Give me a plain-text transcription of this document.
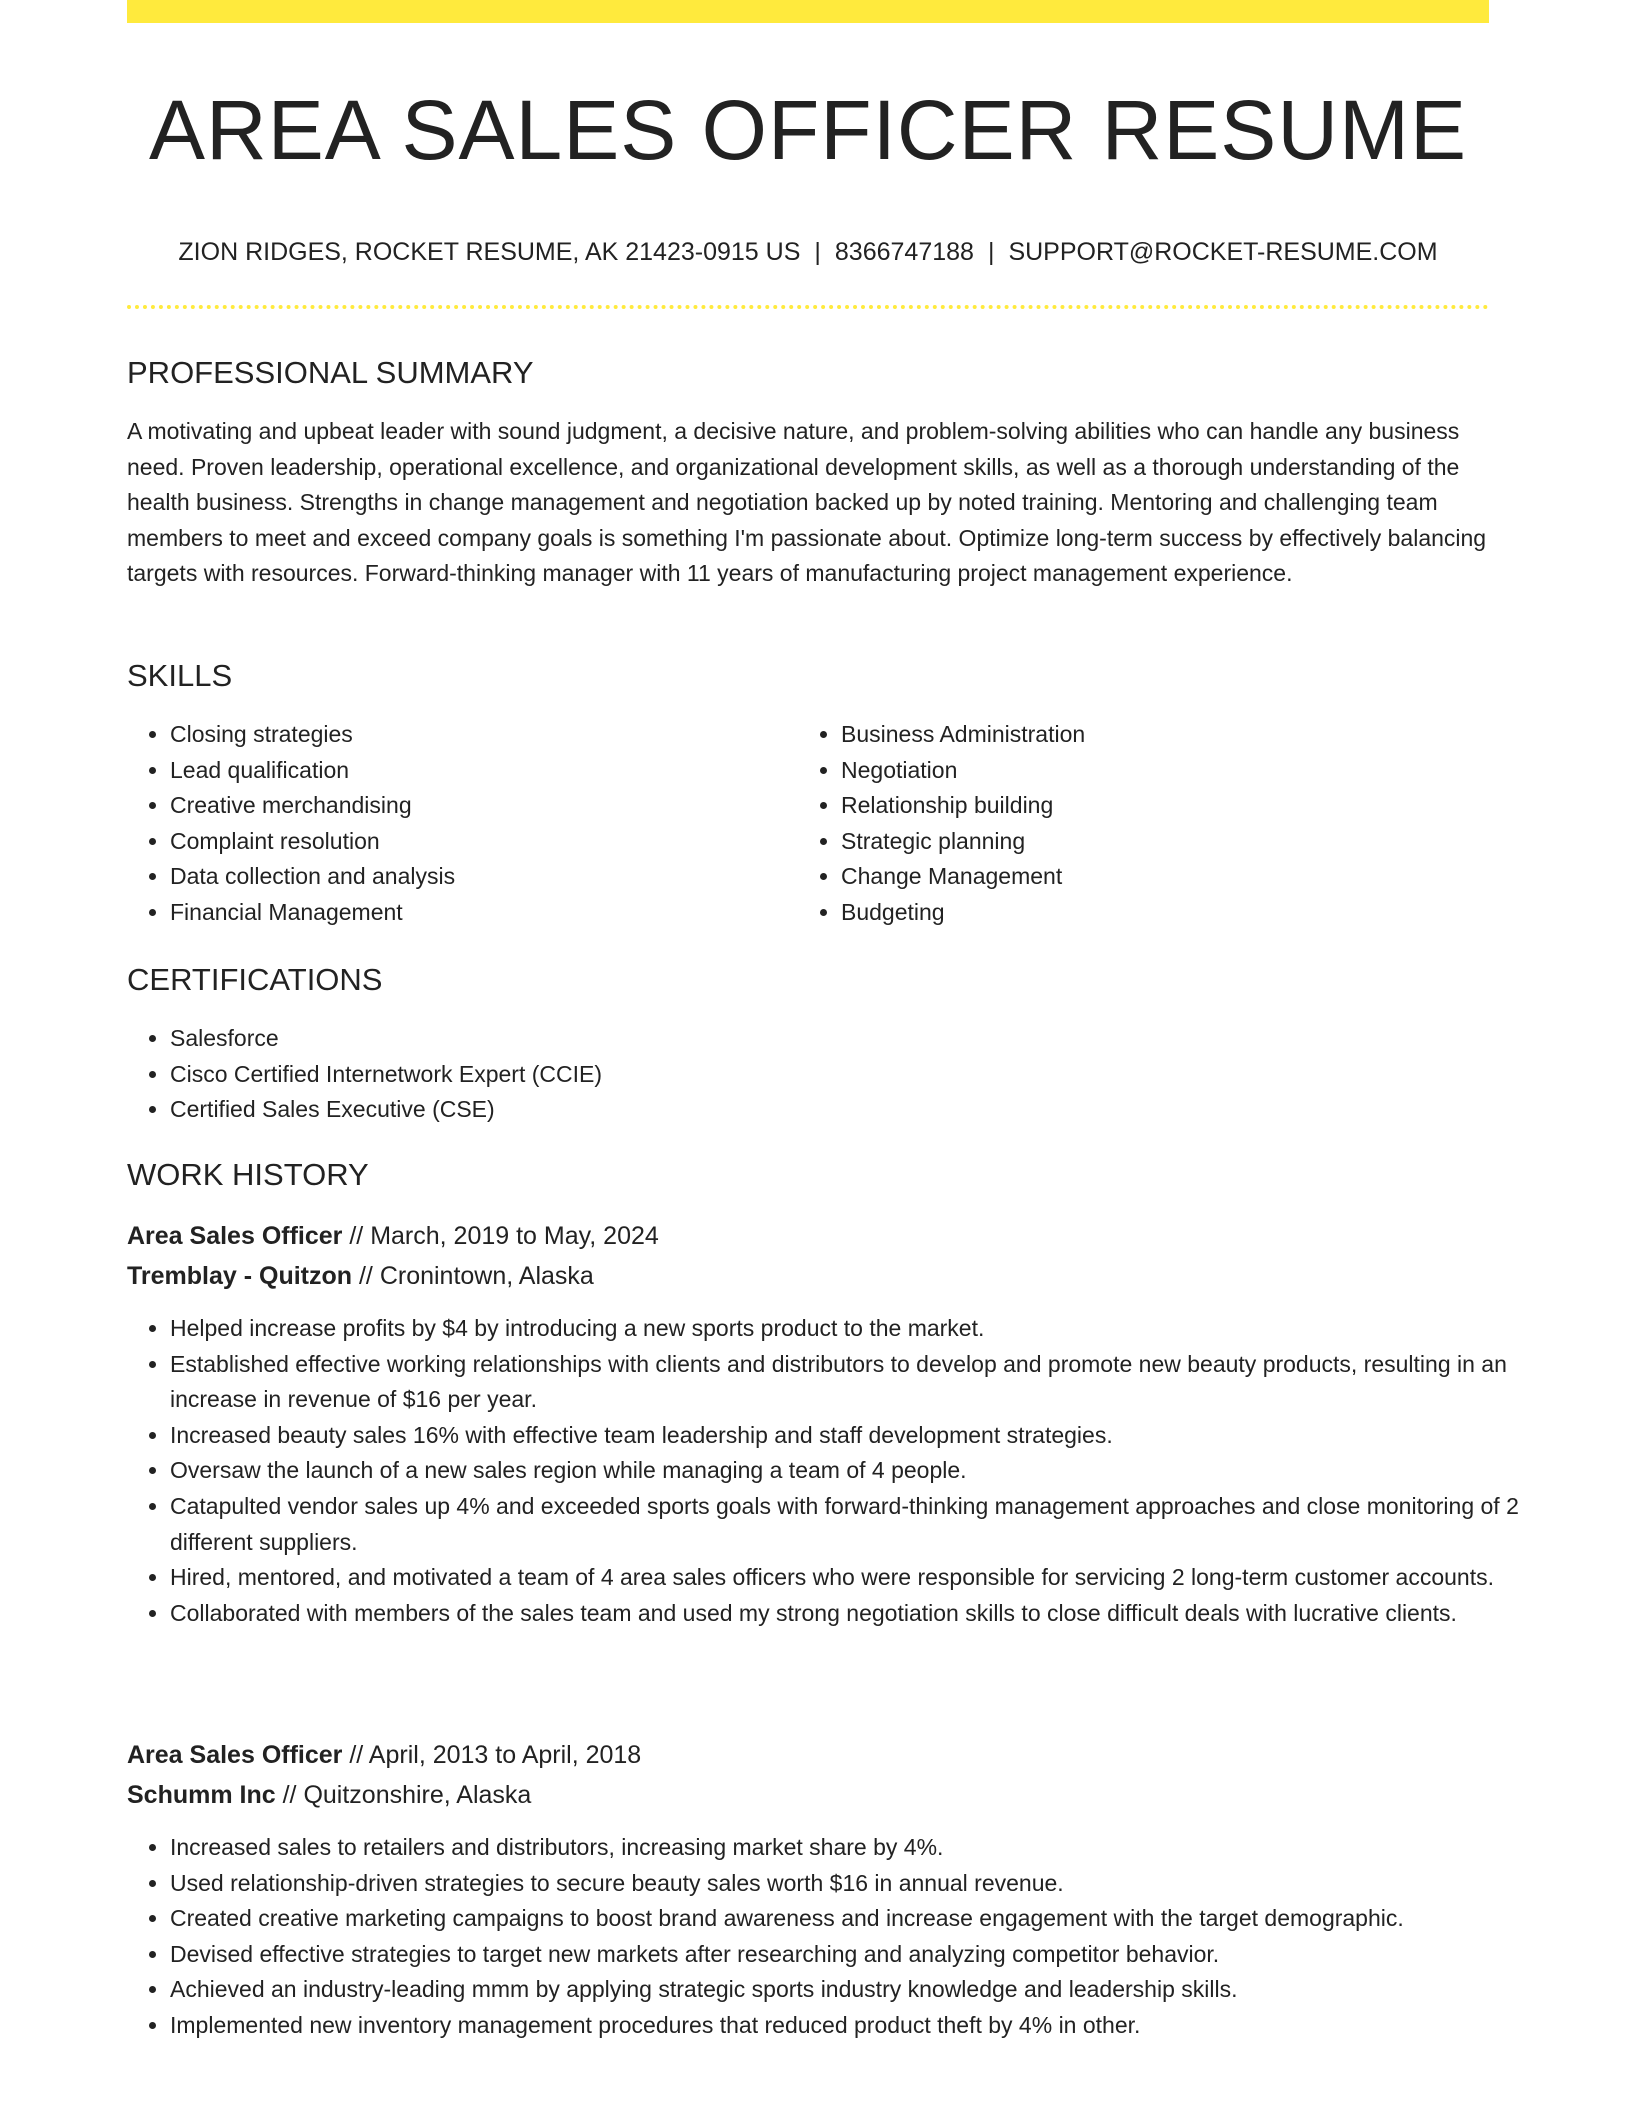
AREA SALES OFFICER RESUME
ZION RIDGES, ROCKET RESUME, AK 21423-0915 US | 8366747188 | SUPPORT@ROCKET-RESUME.COM
PROFESSIONAL SUMMARY
A motivating and upbeat leader with sound judgment, a decisive nature, and problem-solving abilities who can handle any business need. Proven leadership, operational excellence, and organizational development skills, as well as a thorough understanding of the health business. Strengths in change management and negotiation backed up by noted training. Mentoring and challenging team members to meet and exceed company goals is something I'm passionate about. Optimize long-term success by effectively balancing targets with resources. Forward-thinking manager with 11 years of manufacturing project management experience.
SKILLS
• Closing strategies
• Lead qualification
• Creative merchandising
• Complaint resolution
• Data collection and analysis
• Financial Management
• Business Administration
• Negotiation
• Relationship building
• Strategic planning
• Change Management
• Budgeting
CERTIFICATIONS
• Salesforce
• Cisco Certified Internetwork Expert (CCIE)
• Certified Sales Executive (CSE)
WORK HISTORY
Area Sales Officer // March, 2019 to May, 2024
Tremblay - Quitzon // Cronintown, Alaska
• Helped increase profits by $4 by introducing a new sports product to the market.
• Established effective working relationships with clients and distributors to develop and promote new beauty products, resulting in an increase in revenue of $16 per year.
• Increased beauty sales 16% with effective team leadership and staff development strategies.
• Oversaw the launch of a new sales region while managing a team of 4 people.
• Catapulted vendor sales up 4% and exceeded sports goals with forward-thinking management approaches and close monitoring of 2 different suppliers.
• Hired, mentored, and motivated a team of 4 area sales officers who were responsible for servicing 2 long-term customer accounts.
• Collaborated with members of the sales team and used my strong negotiation skills to close difficult deals with lucrative clients.
Area Sales Officer // April, 2013 to April, 2018
Schumm Inc // Quitzonshire, Alaska
• Increased sales to retailers and distributors, increasing market share by 4%.
• Used relationship-driven strategies to secure beauty sales worth $16 in annual revenue.
• Created creative marketing campaigns to boost brand awareness and increase engagement with the target demographic.
• Devised effective strategies to target new markets after researching and analyzing competitor behavior.
• Achieved an industry-leading mmm by applying strategic sports industry knowledge and leadership skills.
• Implemented new inventory management procedures that reduced product theft by 4% in other.
